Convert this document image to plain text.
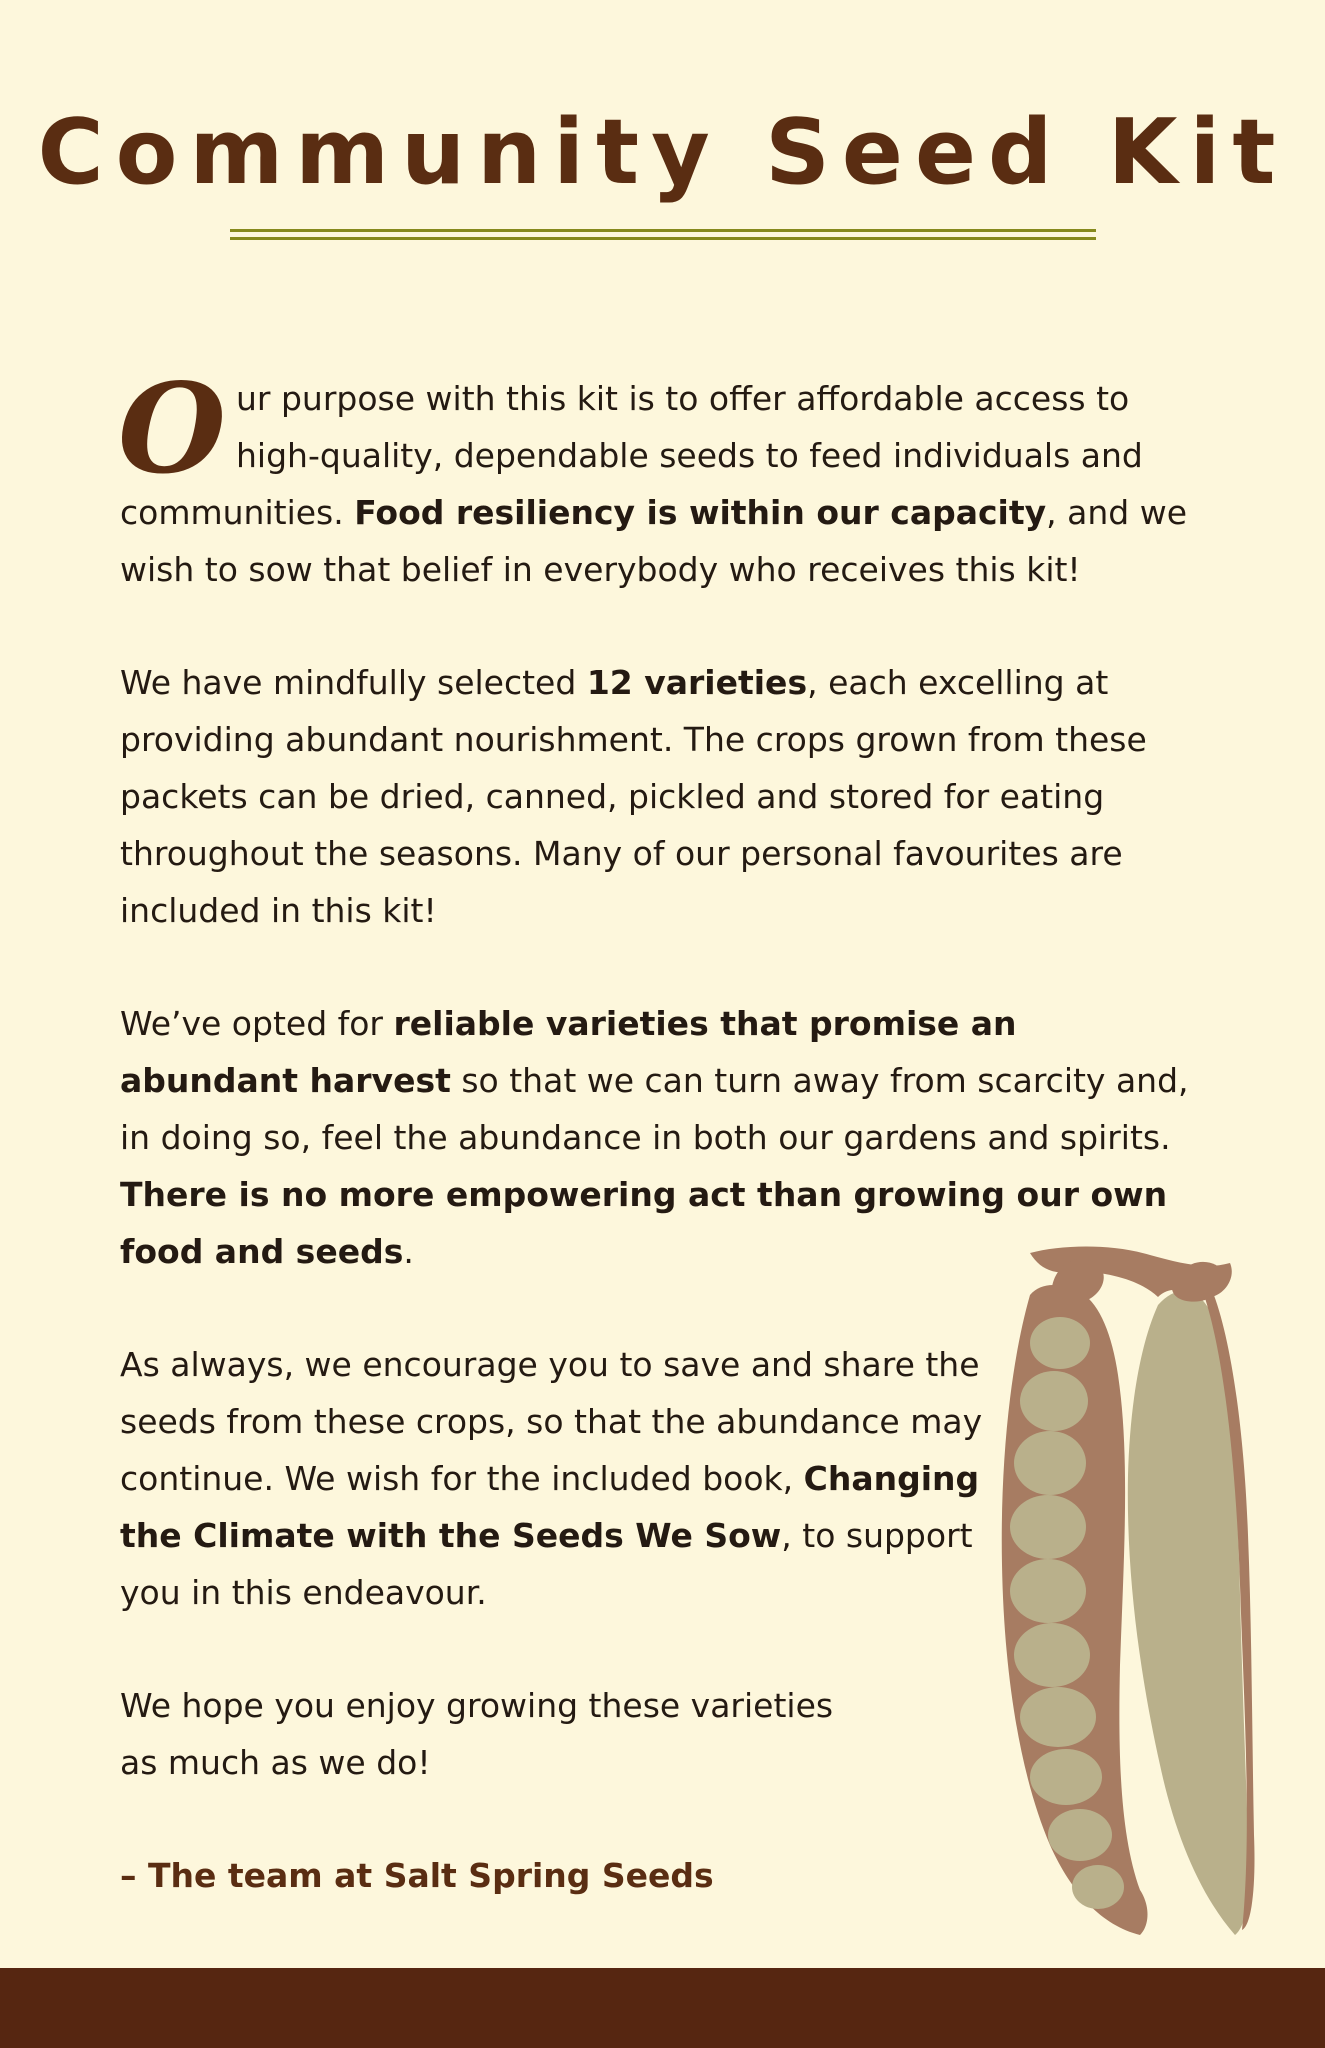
Community Seed Kit

Our purpose with this kit is to offer affordable access to high-quality, dependable seeds to feed individuals and communities. Food resiliency is within our capacity, and we wish to sow that belief in everybody who receives this kit!

We have mindfully selected 12 varieties, each excelling at providing abundant nourishment. The crops grown from these packets can be dried, canned, pickled and stored for eating throughout the seasons. Many of our personal favourites are included in this kit!

We’ve opted for reliable varieties that promise an abundant harvest so that we can turn away from scarcity and, in doing so, feel the abundance in both our gardens and spirits. There is no more empowering act than growing our own food and seeds.

As always, we encourage you to save and share the
seeds from these crops, so that the abundance may
continue. We wish for the included book, Changing
the Climate with the Seeds We Sow, to support
you in this endeavour.

We hope you enjoy growing these varieties
as much as we do!

– The team at Salt Spring Seeds
